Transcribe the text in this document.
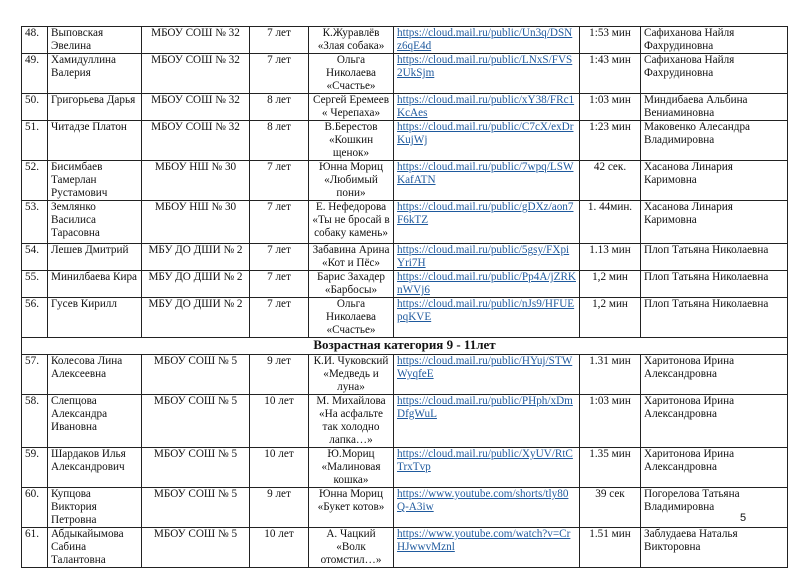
48.	Выповская Эвелина	МБОУ СОШ № 32	7 лет	К.Журавлёв «Злая собака»	https://cloud.mail.ru/public/Un3q/DSNz6qE4d	1:53 мин	Сафиханова Найля Фахрудиновна
49.	Хамидуллина Валерия	МБОУ СОШ № 32	7 лет	Ольга Николаева «Счастье»	https://cloud.mail.ru/public/LNxS/FVS2UkSjm	1:43 мин	Сафиханова Найля Фахрудиновна
50.	Григорьева Дарья	МБОУ СОШ № 32	8 лет	Сергей Еремеев « Черепаха»	https://cloud.mail.ru/public/xY38/FRc1KcAes	1:03 мин	Миндибаева Альбина Вениаминовна
51.	Читадзе Платон	МБОУ СОШ № 32	8 лет	В.Берестов «Кошкин щенок»	https://cloud.mail.ru/public/C7cX/exDrKujWj	1:23 мин	Маковенко Алесандра Владимировна
52.	Бисимбаев Тамерлан Рустамович	МБОУ НШ № 30	7 лет	Юнна Мориц «Любимый пони»	https://cloud.mail.ru/public/7wpq/LSWKafATN	42 сек.	Хасанова Линария Каримовна
53.	Землянко Василиса Тарасовна	МБОУ НШ № 30	7 лет	Е. Нефедорова «Ты не бросай в собаку камень»	https://cloud.mail.ru/public/gDXz/aon7F6kTZ	1. 44мин.	Хасанова Линария Каримовна
54.	Лешев Дмитрий	МБУ ДО ДШИ № 2	7 лет	Забавина Арина «Кот и Пёс»	https://cloud.mail.ru/public/5gsy/FXpiYri7H	1.13 мин	Плоп Татьяна Николаевна
55.	Минилбаева Кира	МБУ ДО ДШИ № 2	7 лет	Барис Захадер «Барбосы»	https://cloud.mail.ru/public/Pp4A/jZRKnWVj6	1,2 мин	Плоп Татьяна Николаевна
56.	Гусев Кирилл	МБУ ДО ДШИ № 2	7 лет	Ольга Николаева «Счастье»	https://cloud.mail.ru/public/nJs9/HFUEpqKVE	1,2 мин	Плоп Татьяна Николаевна
Возрастная категория 9 - 11лет							
57.	Колесова Лина Алексеевна	МБОУ СОШ № 5	9 лет	К.И. Чуковский «Медведь и луна»	https://cloud.mail.ru/public/HYuj/STWWyqfeE	1.31 мин	Харитонова Ирина Александровна
58.	Слепцова Александра Ивановна	МБОУ СОШ № 5	10 лет	М. Михайлова «На асфальте так холодно лапка…»	https://cloud.mail.ru/public/PHph/xDmDfgWuL	1:03 мин	Харитонова Ирина Александровна
59.	Шардаков Илья Александрович	МБОУ СОШ № 5	10 лет	Ю.Мориц «Малиновая кошка»	https://cloud.mail.ru/public/XyUV/RtCTrxTvp	1.35 мин	Харитонова Ирина Александровна
60.	Купцова Виктория Петровна	МБОУ СОШ № 5	9 лет	Юнна Мориц «Букет котов»	https://www.youtube.com/shorts/tly80Q-A3iw	39 сек	Погорелова Татьяна Владимировна
61.	Абдыкайымова Сабина Талантовна	МБОУ СОШ № 5	10 лет	А. Чацкий «Волк отомстил…»	https://www.youtube.com/watch?v=CrHJwwvMznl	1.51 мин	Заблудаева Наталья Викторовна
5
